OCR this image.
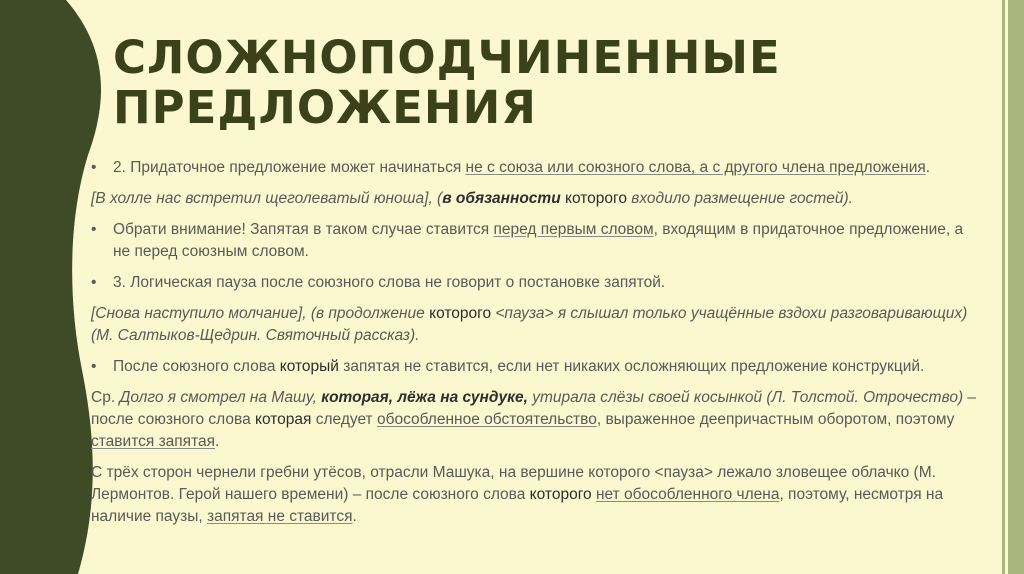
СЛОЖНОПОДЧИНЕННЫЕ
ПРЕДЛОЖЕНИЯ

• 2. Придаточное предложение может начинаться не с союза или союзного слова, а с другого члена предложения.

[В холле нас встретил щеголеватый юноша], (в обязанности которого входило размещение гостей).

• Обрати внимание! Запятая в таком случае ставится перед первым словом, входящим в придаточное предложение, а не перед союзным словом.

• 3. Логическая пауза после союзного слова не говорит о постановке запятой.

[Снова наступило молчание], (в продолжение которого <пауза> я слышал только учащённые вздохи разговаривающих) (М. Салтыков-Щедрин. Святочный рассказ).

• После союзного слова который запятая не ставится, если нет никаких осложняющих предложение конструкций.

Ср. Долго я смотрел на Машу, которая, лёжа на сундуке, утирала слёзы своей косынкой (Л. Толстой. Отрочество) – после союзного слова которая следует обособленное обстоятельство, выраженное деепричастным оборотом, поэтому ставится запятая.

С трёх сторон чернели гребни утёсов, отрасли Машука, на вершине которого <пауза> лежало зловещее облачко (М. Лермонтов. Герой нашего времени) – после союзного слова которого нет обособленного члена, поэтому, несмотря на наличие паузы, запятая не ставится.
